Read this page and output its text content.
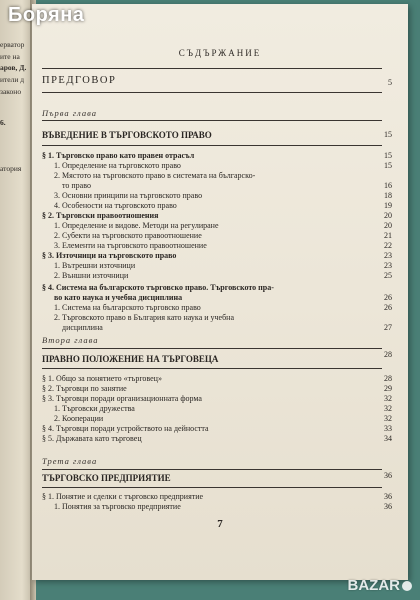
ерватор
ите на
аров, Д.
ители д
законо
6.
атория
СЪДЪРЖАНИЕ
ПРЕДГОВОР	5
Първа глава
ВЪВЕДЕНИЕ В ТЪРГОВСКОТО ПРАВО	15
§ 1. Търговско право като правен отрасъл	15
1. Определение на търговското право	15
2. Мястото на търговското право в системата на българско-
то право	16
3. Основни принципи на търговското право	18
4. Особености на търговското право	19
§ 2. Търговски правоотношения	20
1. Определение и видове. Методи на регулиране	20
2. Субекти на търговското правоотношение	21
3. Елементи на търговското правоотношение	22
§ 3. Източници на търговското право	23
1. Вътрешни източници	23
2. Външни източници	25
§ 4. Система на българското търговско право. Търговското пра-
во като наука и учебна дисциплина	26
1. Система на българското търговско право	26
2. Търговското право в България като наука и учебна
дисциплина	27
Втора глава
ПРАВНО ПОЛОЖЕНИЕ НА ТЪРГОВЕЦА	28
§ 1. Общо за понятието «търговец»	28
§ 2. Търговци по занятие	29
§ 3. Търговци поради организационната форма	32
1. Търговски дружества	32
2. Кооперации	32
§ 4. Търговци поради устройството на дейността	33
§ 5. Държавата като търговец	34
Трета глава
ТЪРГОВСКО ПРЕДПРИЯТИЕ	36
§ 1. Понятие и сделки с търговско предприятие	36
1. Понятия за търговско предприятие	36
7
Боряна
BAZAR
